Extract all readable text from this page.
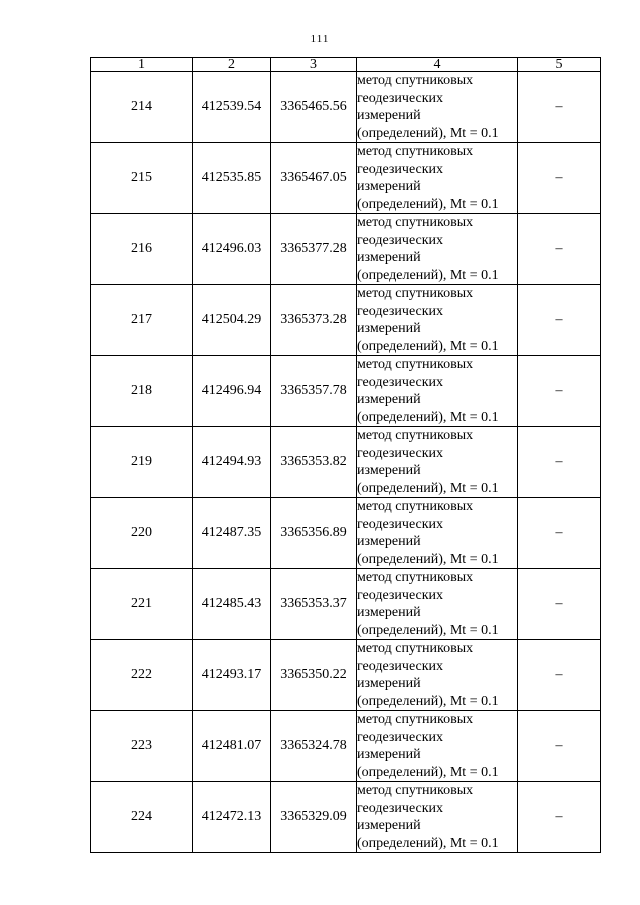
111
1	2	3	4	5
214	412539.54	3365465.56	метод спутниковых
геодезических
измерений
(определений), Mt = 0.1	–
215	412535.85	3365467.05	метод спутниковых
геодезических
измерений
(определений), Mt = 0.1	–
216	412496.03	3365377.28	метод спутниковых
геодезических
измерений
(определений), Mt = 0.1	–
217	412504.29	3365373.28	метод спутниковых
геодезических
измерений
(определений), Mt = 0.1	–
218	412496.94	3365357.78	метод спутниковых
геодезических
измерений
(определений), Mt = 0.1	–
219	412494.93	3365353.82	метод спутниковых
геодезических
измерений
(определений), Mt = 0.1	–
220	412487.35	3365356.89	метод спутниковых
геодезических
измерений
(определений), Mt = 0.1	–
221	412485.43	3365353.37	метод спутниковых
геодезических
измерений
(определений), Mt = 0.1	–
222	412493.17	3365350.22	метод спутниковых
геодезических
измерений
(определений), Mt = 0.1	–
223	412481.07	3365324.78	метод спутниковых
геодезических
измерений
(определений), Mt = 0.1	–
224	412472.13	3365329.09	метод спутниковых
геодезических
измерений
(определений), Mt = 0.1	–
